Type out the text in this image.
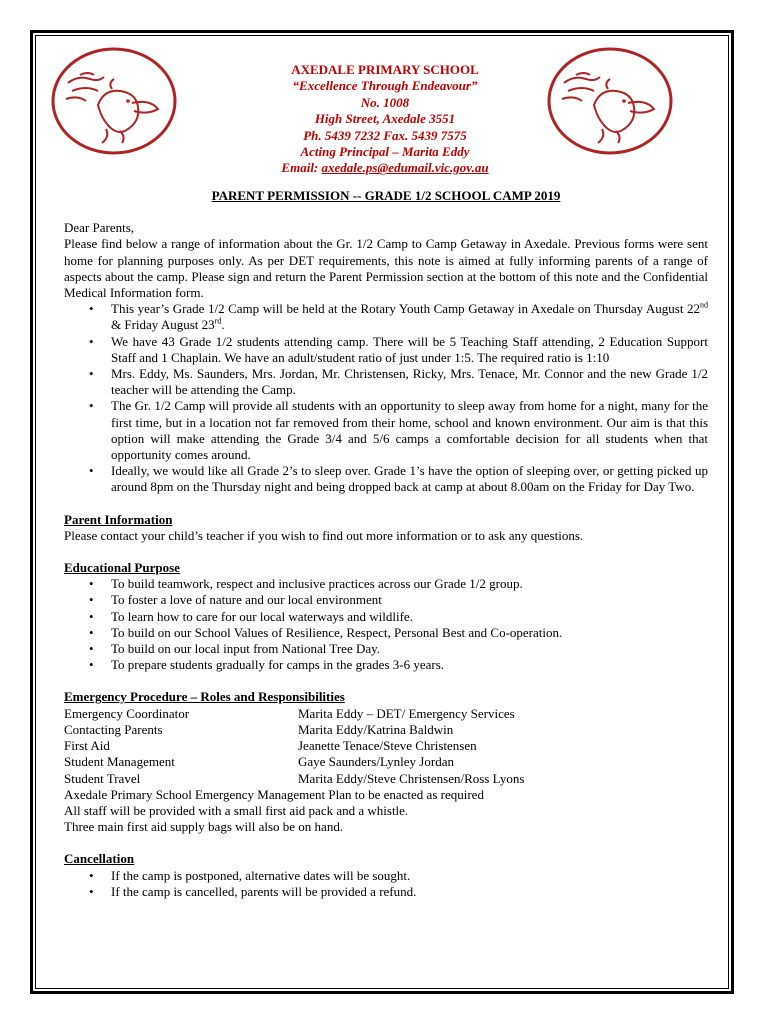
AXEDALE PRIMARY SCHOOL
“Excellence Through Endeavour”
No. 1008
High Street, Axedale 3551
Ph. 5439 7232 Fax. 5439 7575
Acting Principal – Marita Eddy
Email: axedale.ps@edumail.vic.gov.au
PARENT PERMISSION -- GRADE 1/2 SCHOOL CAMP 2019

Dear Parents,

Please find below a range of information about the Gr. 1/2 Camp to Camp Getaway in Axedale. Previous forms were sent home for planning purposes only. As per DET requirements, this note is aimed at fully informing parents of a range of aspects about the camp. Please sign and return the Parent Permission section at the bottom of this note and the Confidential Medical Information form.

• This year’s Grade 1/2 Camp will be held at the Rotary Youth Camp Getaway in Axedale on Thursday August 22nd & Friday August 23rd.
• We have 43 Grade 1/2 students attending camp. There will be 5 Teaching Staff attending, 2 Education Support Staff and 1 Chaplain. We have an adult/student ratio of just under 1:5. The required ratio is 1:10
• Mrs. Eddy, Ms. Saunders, Mrs. Jordan, Mr. Christensen, Ricky, Mrs. Tenace, Mr. Connor and the new Grade 1/2 teacher will be attending the Camp.
• The Gr. 1/2 Camp will provide all students with an opportunity to sleep away from home for a night, many for the first time, but in a location not far removed from their home, school and known environment. Our aim is that this option will make attending the Grade 3/4 and 5/6 camps a comfortable decision for all students when that opportunity comes around.
• Ideally, we would like all Grade 2’s to sleep over. Grade 1’s have the option of sleeping over, or getting picked up around 8pm on the Thursday night and being dropped back at camp at about 8.00am on the Friday for Day Two.
Parent Information

Please contact your child’s teacher if you wish to find out more information or to ask any questions.

Educational Purpose
• To build teamwork, respect and inclusive practices across our Grade 1/2 group.
• To foster a love of nature and our local environment
• To learn how to care for our local waterways and wildlife.
• To build on our School Values of Resilience, Respect, Personal Best and Co-operation.
• To build on our local input from National Tree Day.
• To prepare students gradually for camps in the grades 3-6 years.
Emergency Procedure – Roles and Responsibilities
Emergency Coordinator	Marita Eddy – DET/ Emergency Services
Contacting Parents	Marita Eddy/Katrina Baldwin
First Aid	Jeanette Tenace/Steve Christensen
Student Management	Gaye Saunders/Lynley Jordan
Student Travel	Marita Eddy/Steve Christensen/Ross Lyons

Axedale Primary School Emergency Management Plan to be enacted as required

All staff will be provided with a small first aid pack and a whistle.

Three main first aid supply bags will also be on hand.

Cancellation
• If the camp is postponed, alternative dates will be sought.
• If the camp is cancelled, parents will be provided a refund.
